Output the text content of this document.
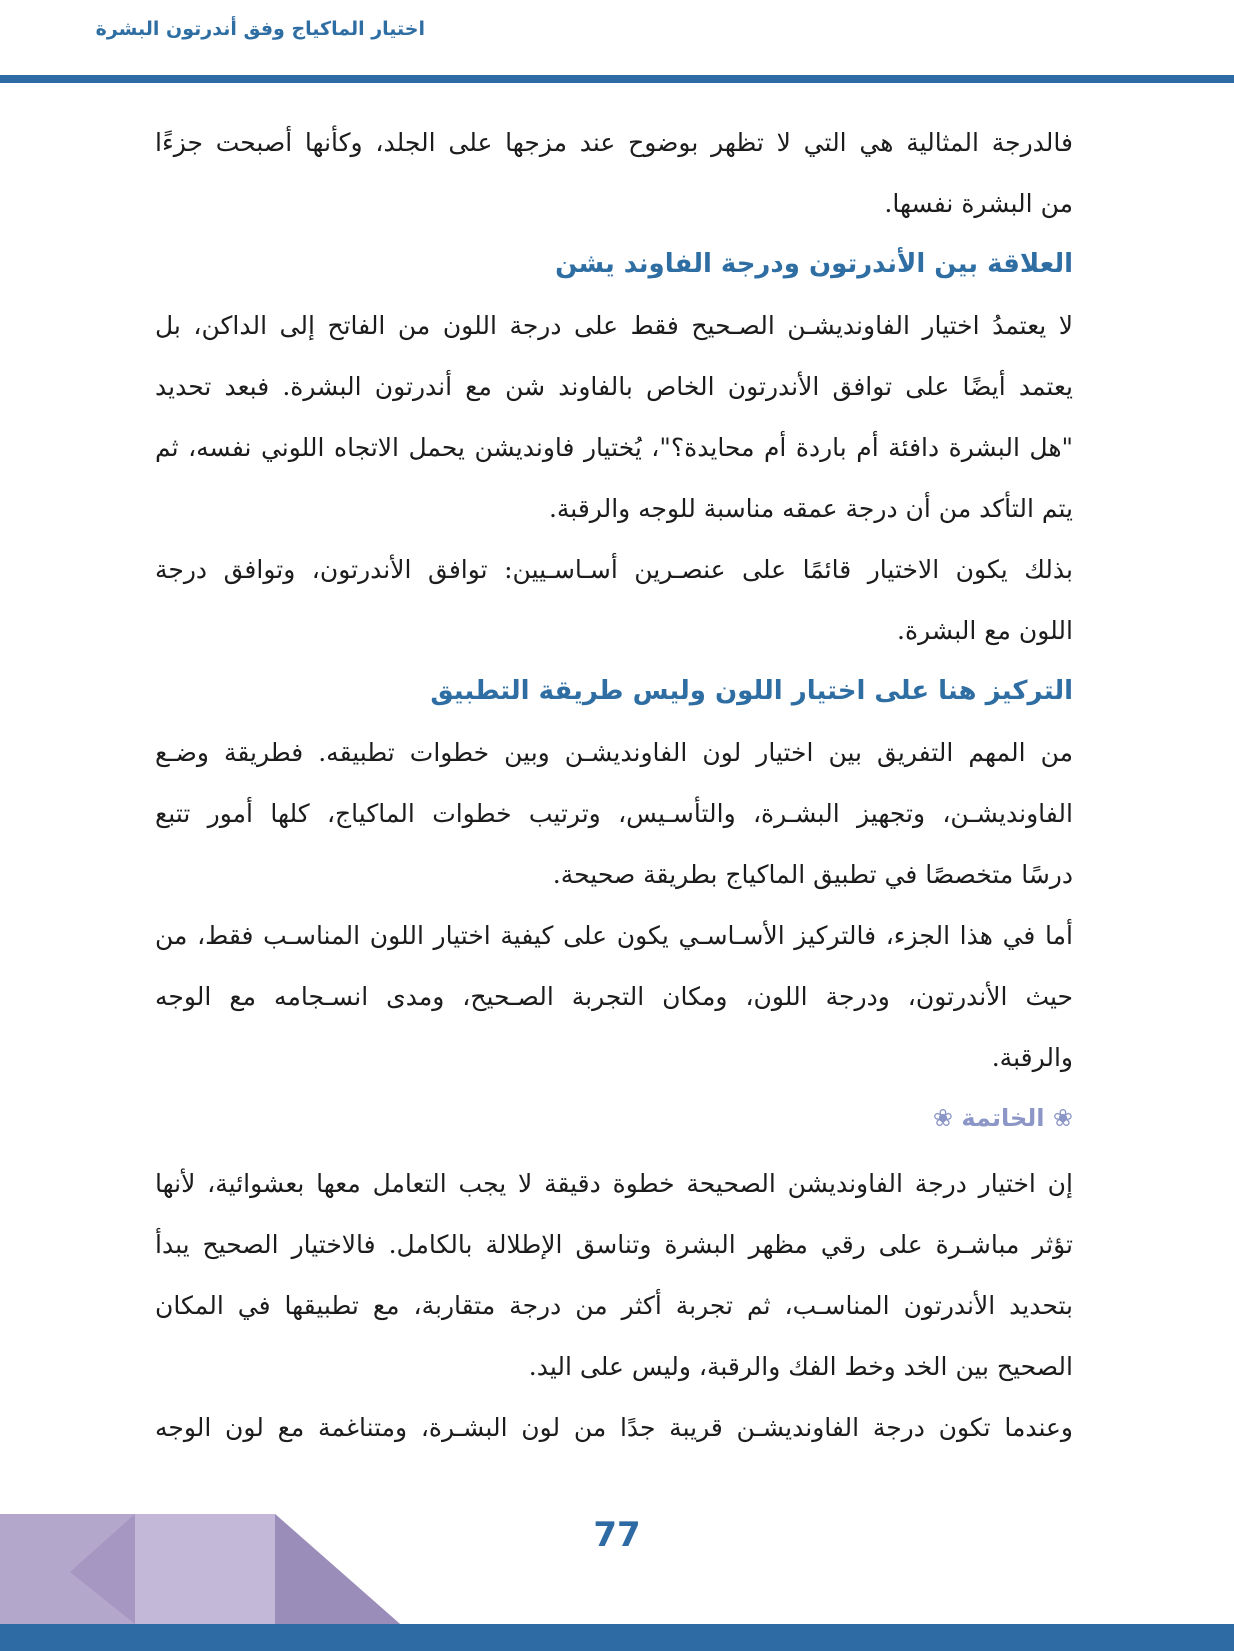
اختيار الماكياج وفق أندرتون البشرة

فالدرجة المثالية هي التي لا تظهر بوضوح عند مزجها على الجلد، وكأنها أصبحت جزءًا
من البشرة نفسها.

العلاقة بين الأندرتون ودرجة الفاوند يشن

لا يعتمدُ اختيار الفاونديشـن الصـحيح فقط على درجة اللون من الفاتح إلى الداكن، بل
يعتمد أيضًا على توافق الأندرتون الخاص بالفاوند شن مع أندرتون البشرة. فبعد تحديد
"هل البشرة دافئة أم باردة أم محايدة؟"، يُختيار فاونديشن يحمل الاتجاه اللوني نفسه، ثم
يتم التأكد من أن درجة عمقه مناسبة للوجه والرقبة.

بذلك يكون الاختيار قائمًا على عنصـرين أسـاسـيين: توافق الأندرتون، وتوافق درجة
اللون مع البشرة.

التركيز هنا على اختيار اللون وليس طريقة التطبيق

من المهم التفريق بين اختيار لون الفاونديشـن وبين خطوات تطبيقه. فطريقة وضـع
الفاونديشـن، وتجهيز البشـرة، والتأسـيس، وترتيب خطوات الماكياج، كلها أمور تتبع
درسًا متخصصًا في تطبيق الماكياج بطريقة صحيحة.

أما في هذا الجزء، فالتركيز الأسـاسـي يكون على كيفية اختيار اللون المناسـب فقط، من
حيث الأندرتون، ودرجة اللون، ومكان التجربة الصـحيح، ومدى انسـجامه مع الوجه
والرقبة.

❀ الخاتمة ❀

إن اختيار درجة الفاونديشن الصحيحة خطوة دقيقة لا يجب التعامل معها بعشوائية، لأنها
تؤثر مباشـرة على رقي مظهر البشرة وتناسق الإطلالة بالكامل. فالاختيار الصحيح يبدأ
بتحديد الأندرتون المناسـب، ثم تجربة أكثر من درجة متقاربة، مع تطبيقها في المكان
الصحيح بين الخد وخط الفك والرقبة، وليس على اليد.

وعندما تكون درجة الفاونديشـن قريبة جدًا من لون البشـرة، ومتناغمة مع لون الوجه

77
